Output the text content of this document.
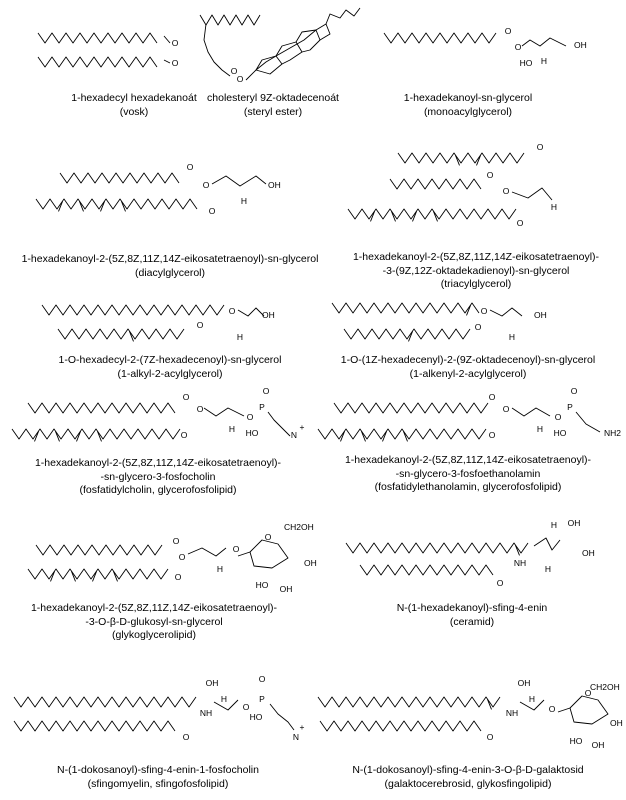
O
O
O
O
O
O	OH
HO H
O
O
O
OH
H
O
O
O
O
H
O
O
OH
H
O
O
OH
H
O
O
O
H
O
P
O
HO	N
+
O
O
O
H
O
P
O
HO	NH2
O
O
O
H
O
O
CH2OH
OH
HO OH
O
NH
H OH
OH
H
O
NH
OH
H
O
P
O
HO
N
+
O
NH
OH
H
O
O
CH2OH
OH
HO OH
1-hexadecyl hexadekanoát
(vosk)
cholesteryl 9Z-oktadecenoát
(steryl ester)
1-hexadekanoyl-sn-glycerol
(monoacylglycerol)
1-hexadekanoyl-2-(5Z,8Z,11Z,14Z-eikosatetraenoyl)-sn-glycerol
(diacylglycerol)
1-hexadekanoyl-2-(5Z,8Z,11Z,14Z-eikosatetraenoyl)-
-3-(9Z,12Z-oktadekadienoyl)-sn-glycerol
(triacylglycerol)
1-O-hexadecyl-2-(7Z-hexadecenoyl)-sn-glycerol
(1-alkyl-2-acylglycerol)
1-O-(1Z-hexadecenyl)-2-(9Z-oktadecenoyl)-sn-glycerol
(1-alkenyl-2-acylglycerol)
1-hexadekanoyl-2-(5Z,8Z,11Z,14Z-eikosatetraenoyl)-
-sn-glycero-3-fosfocholin
(fosfatidylcholin, glycerofosfolipid)
1-hexadekanoyl-2-(5Z,8Z,11Z,14Z-eikosatetraenoyl)-
-sn-glycero-3-fosfoethanolamin
(fosfatidylethanolamin, glycerofosfolipid)
1-hexadekanoyl-2-(5Z,8Z,11Z,14Z-eikosatetraenoyl)-
-3-O-β-D-glukosyl-sn-glycerol
(glykoglycerolipid)
N-(1-hexadekanoyl)-sfing-4-enin
(ceramid)
N-(1-dokosanoyl)-sfing-4-enin-1-fosfocholin
(sfingomyelin, sfingofosfolipid)
N-(1-dokosanoyl)-sfing-4-enin-3-O-β-D-galaktosid
(galaktocerebrosid, glykosfingolipid)
